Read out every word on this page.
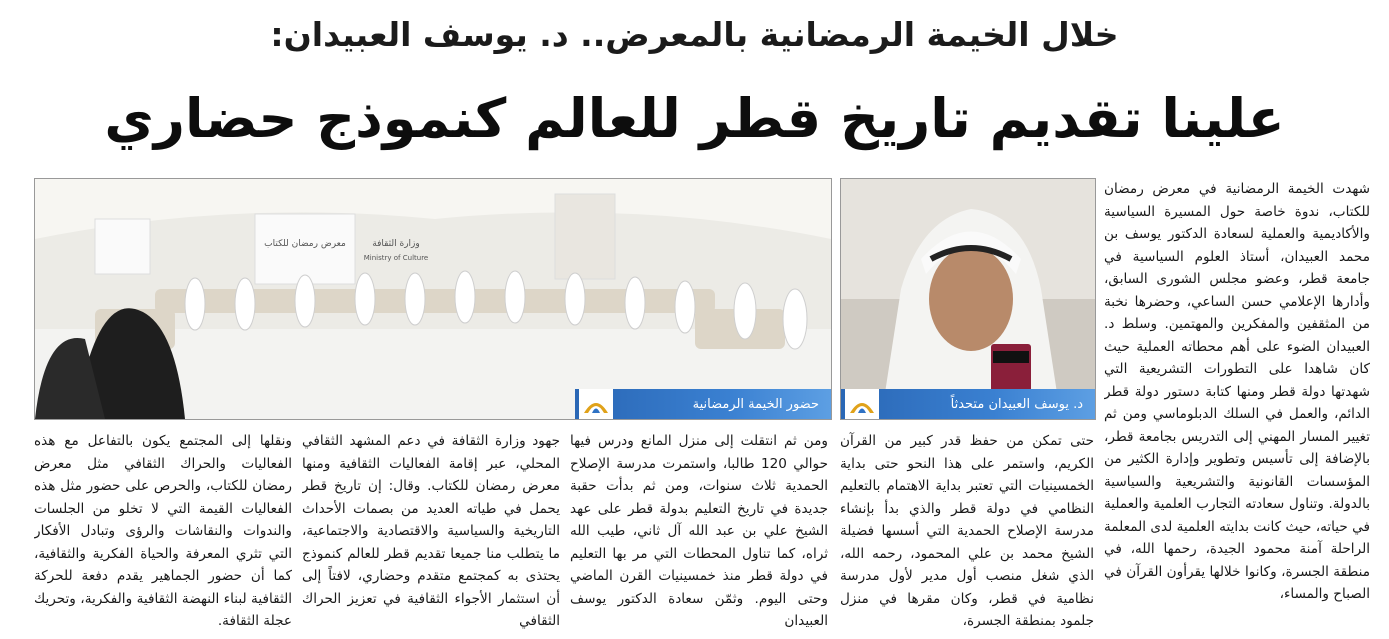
خلال الخيمة الرمضانية بالمعرض.. د. يوسف العبيدان:
علينا تقديم تاريخ قطر للعالم كنموذج حضاري

شهدت الخيمة الرمضانية في معرض رمضان للكتاب، ندوة خاصة حول المسيرة السياسية والأكاديمية والعملية لسعادة الدكتور يوسف بن محمد العبيدان، أستاذ العلوم السياسية في جامعة قطر، وعضو مجلس الشورى السابق، وأدارها الإعلامي حسن الساعي، وحضرها نخبة من المثقفين والمفكرين والمهتمين. وسلط د. العبيدان الضوء على أهم محطاته العملية حيث كان شاهدا على التطورات التشريعية التي شهدتها دولة قطر ومنها كتابة دستور دولة قطر الدائم، والعمل في السلك الدبلوماسي ومن ثم تغيير المسار المهني إلى التدريس بجامعة قطر، بالإضافة إلى تأسيس وتطوير وإدارة الكثير من المؤسسات القانونية والتشريعية والسياسية بالدولة. وتناول سعادته التجارب العلمية والعملية في حياته، حيث كانت بدايته العلمية لدى المعلمة الراحلة آمنة محمود الجيدة، رحمها الله، في منطقة الجسرة، وكانوا خلالها يقرأون القرآن في الصباح والمساء،

د. يوسف العبيدان متحدثاً
معرض رمضان للكتاب	وزارة الثقافة
Ministry of Culture
حضور الخيمة الرمضانية

حتى تمكن من حفظ قدر كبير من القرآن الكريم، واستمر على هذا النحو حتى بداية الخمسينيات التي تعتبر بداية الاهتمام بالتعليم النظامي في دولة قطر والذي بدأ بإنشاء مدرسة الإصلاح الحمدية التي أسسها فضيلة الشيخ محمد بن علي المحمود، رحمه الله، الذي شغل منصب أول مدير لأول مدرسة نظامية في قطر، وكان مقرها في منزل جلمود بمنطقة الجسرة،

ومن ثم انتقلت إلى منزل المانع ودرس فيها حوالي 120 طالبا، واستمرت مدرسة الإصلاح الحمدية ثلاث سنوات، ومن ثم بدأت حقبة جديدة في تاريخ التعليم بدولة قطر على عهد الشيخ علي بن عبد الله آل ثاني، طيب الله ثراه، كما تناول المحطات التي مر بها التعليم في دولة قطر منذ خمسينيات القرن الماضي وحتى اليوم. وثمّن سعادة الدكتور يوسف العبيدان

جهود وزارة الثقافة في دعم المشهد الثقافي المحلي، عبر إقامة الفعاليات الثقافية ومنها معرض رمضان للكتاب. وقال: إن تاريخ قطر يحمل في طياته العديد من بصمات الأحداث التاريخية والسياسية والاقتصادية والاجتماعية، ما يتطلب منا جميعا تقديم قطر للعالم كنموذج يحتذى به كمجتمع متقدم وحضاري، لافتاً إلى أن استثمار الأجواء الثقافية في تعزيز الحراك الثقافي

ونقلها إلى المجتمع يكون بالتفاعل مع هذه الفعاليات والحراك الثقافي مثل معرض رمضان للكتاب، والحرص على حضور مثل هذه الفعاليات القيمة التي لا تخلو من الجلسات والندوات والنقاشات والرؤى وتبادل الأفكار التي تثري المعرفة والحياة الفكرية والثقافية، كما أن حضور الجماهير يقدم دفعة للحركة الثقافية لبناء النهضة الثقافية والفكرية، وتحريك عجلة الثقافة.
